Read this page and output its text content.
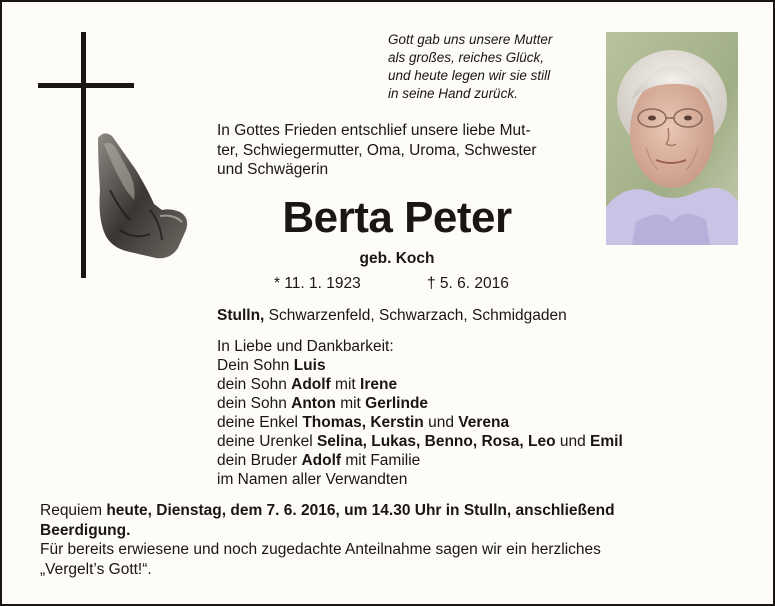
Gott gab uns unsere Mutter
als großes, reiches Glück,
und heute legen wir sie still
in seine Hand zurück.
In Gottes Frieden entschlief unsere liebe Mut-
ter, Schwiegermutter, Oma, Uroma, Schwester
und Schwägerin
Berta Peter
geb. Koch
* 11. 1. 1923	† 5. 6. 2016
Stulln, Schwarzenfeld, Schwarzach, Schmidgaden
In Liebe und Dankbarkeit:
Dein Sohn Luis
dein Sohn Adolf mit Irene
dein Sohn Anton mit Gerlinde
deine Enkel Thomas, Kerstin und Verena
deine Urenkel Selina, Lukas, Benno, Rosa, Leo und Emil
dein Bruder Adolf mit Familie
im Namen aller Verwandten
Requiem heute, Dienstag, dem 7. 6. 2016, um 14.30 Uhr in Stulln, anschließend
Beerdigung.
Für bereits erwiesene und noch zugedachte Anteilnahme sagen wir ein herzliches
„Vergelt’s Gott!“.
